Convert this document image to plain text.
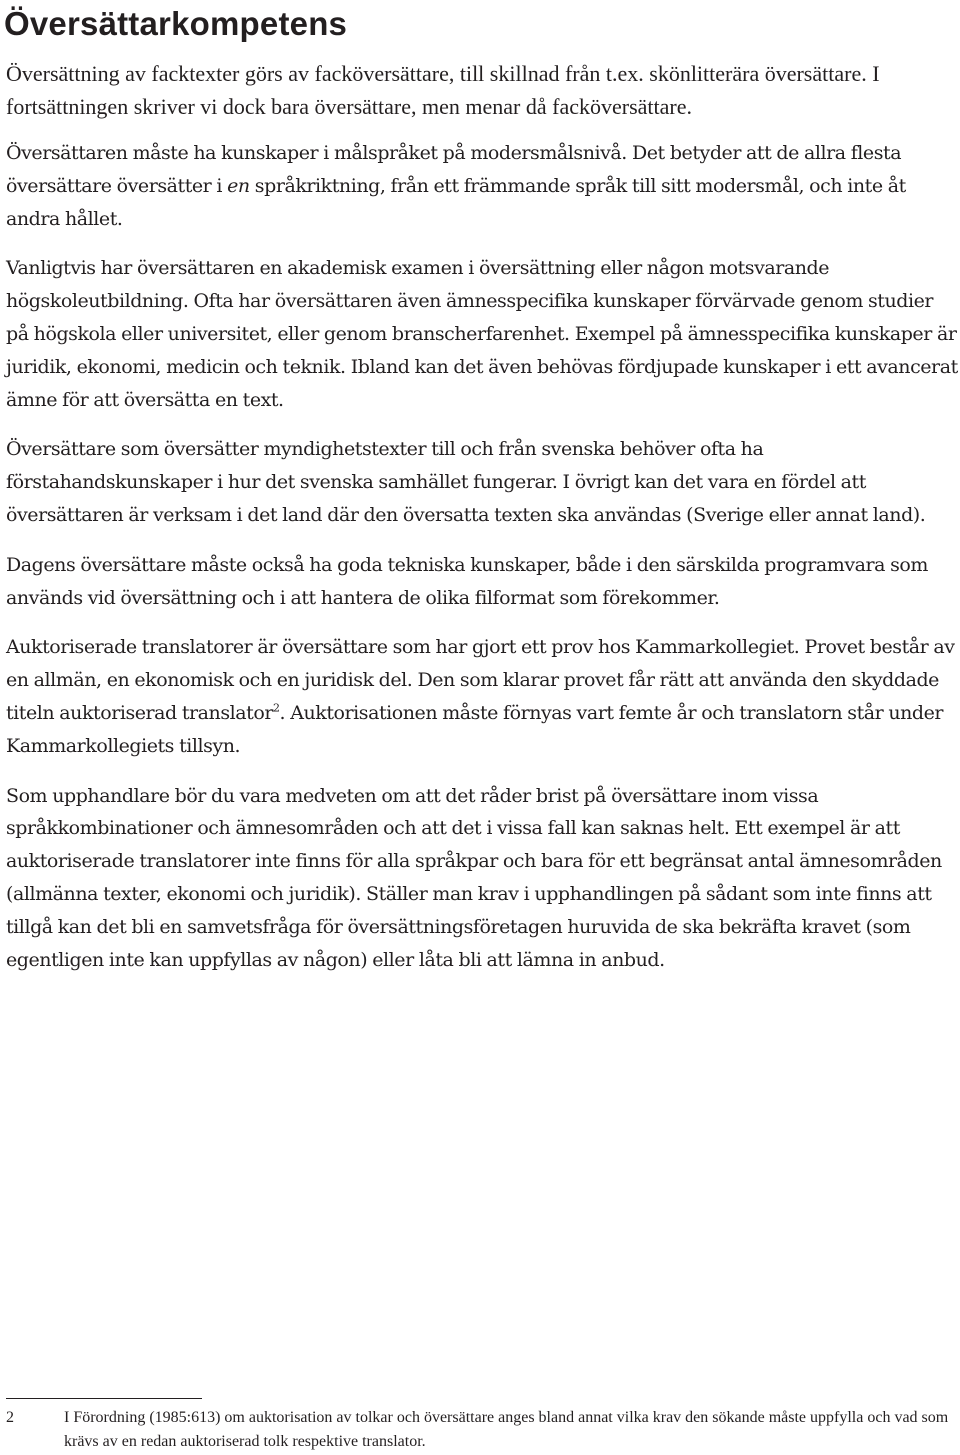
Översättarkompetens

Översättning av facktexter görs av facköversättare, till skillnad från t.ex. skönlitterära översättare. I fortsättningen skriver vi dock bara översättare, men menar då facköversättare.

Översättaren måste ha kunskaper i målspråket på modersmålsnivå. Det betyder att de allra flesta översättare översätter i en språkriktning, från ett främmande språk till sitt modersmål, och inte åt andra hållet.

Vanligtvis har översättaren en akademisk examen i översättning eller någon motsvarande högskoleutbildning. Ofta har översättaren även ämnesspecifika kunskaper förvärvade genom studier på högskola eller universitet, eller genom branscherfarenhet. Exempel på ämnesspecifika kunskaper är juridik, ekonomi, medicin och teknik. Ibland kan det även behövas fördjupade kunskaper i ett avancerat ämne för att översätta en text.

Översättare som översätter myndighetstexter till och från svenska behöver ofta ha förstahandskunskaper i hur det svenska samhället fungerar. I övrigt kan det vara en fördel att översättaren är verksam i det land där den översatta texten ska användas (Sverige eller annat land).

Dagens översättare måste också ha goda tekniska kunskaper, både i den särskilda programvara som används vid översättning och i att hantera de olika filformat som förekommer.

Auktoriserade translatorer är översättare som har gjort ett prov hos Kammarkollegiet. Provet består av en allmän, en ekonomisk och en juridisk del. Den som klarar provet får rätt att använda den skyddade titeln auktoriserad translator$^2$. Auktorisationen måste förnyas vart femte år och translatorn står under Kammarkollegiets tillsyn.

Som upphandlare bör du vara medveten om att det råder brist på översättare inom vissa språkkombinationer och ämnesområden och att det i vissa fall kan saknas helt. Ett exempel är att auktoriserade translatorer inte finns för alla språkpar och bara för ett begränsat antal ämnesområden (allmänna texter, ekonomi och juridik). Ställer man krav i upphandlingen på sådant som inte finns att tillgå kan det bli en samvetsfråga för översättningsföretagen huruvida de ska bekräfta kravet (som egentligen inte kan uppfyllas av någon) eller låta bli att lämna in anbud.

2	I Förordning (1985:613) om auktorisation av tolkar och översättare anges bland annat vilka krav den sökande måste uppfylla och vad som krävs av en redan auktoriserad tolk respektive translator.
